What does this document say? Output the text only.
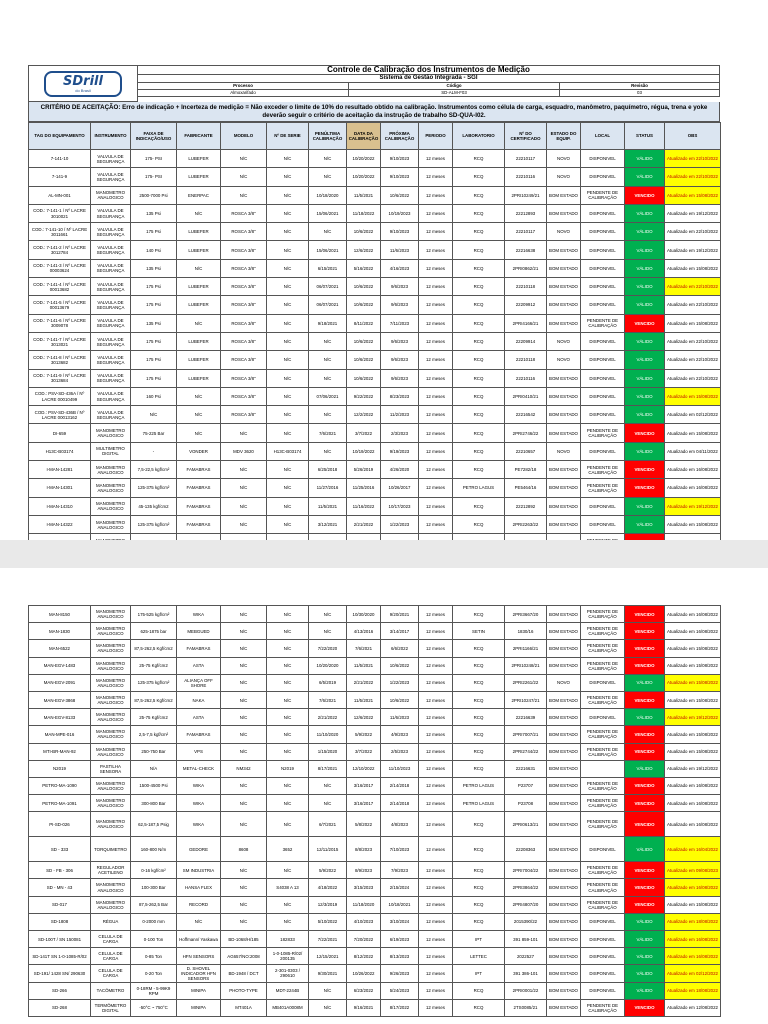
SDrill
do Brasil
Controle de Calibração dos Instrumentos de Medição
Sistema de Gestão Integrada - SGI
Processo	Código	Revisão
Almoxarifado	SD-ALM-F03	03
CRITÉRIO DE ACEITAÇÃO: Erro de indicação + Incerteza de medição = Não exceder o limite de 10% do resultado obtido na calibração. Instrumentos como célula de carga, esquadro, manômetro, paquímetro, régua, trena e yoke deverão seguir o critério de aceitação da instrução de trabalho SD-QUA-I02.
TAG DO EQUIPAMENTO	INSTRUMENTO	FAIXA DE INDICAÇÃO/USO	FABRICANTE	MODELO	Nº DE SERIE	PENÚLTIMA CALIBRAÇÃO	DATA DA CALIBRAÇÃO	PRÓXIMA CALIBRAÇÃO	PERIODO	LABORATORIO	Nº DO CERTIFICADO	ESTADO DO EQUIP.	LOCAL	STATUS	OBS
7-141-10	VALVULA DE SEGURANÇA	175- PSI	LUBEFER	N/C	N/C	N/C	10/20/2022	9/10/2023	12 meses	RCQ	22210117	NOVO	DISPONIVEL	VÁLIDO	Atualizado em 22/10/2022
7-141-9	VALVULA DE SEGURANÇA	175- PSI	LUBEFER	N/C	N/C	N/C	10/20/2022	9/10/2023	12 meses	RCQ	22210116	NOVO	DISPONIVEL	VÁLIDO	Atualizado em 22/10/2022
AL-MN-001	MANOMETRO ANALOGICO	2500-7000 Psi	ENERPAC	N/C	N/C	10/18/2020	11/5/2021	10/6/2022	12 meses	RCQ	2PRI10249/21	BOM ESTADO	PENDENTE DE CALIBRAÇÃO	VENCIDO	Atualizado em 15/08/2022
COD.: 7-141-1 / Nº LACRE 3010021	VALVULA DE SEGURANÇA	135 Psi	N/C	ROSCA 3/8"	N/C	15/06/2021	11/18/2022	10/19/2023	12 meses	RCQ	22212893	BOM ESTADO	DISPONIVEL	VÁLIDO	Atualizado em 19/12/2022
COD.: 7-141-10 / Nº LACRE 3011661	VALVULA DE SEGURANÇA	175 Psi	LUBEFER	ROSCA 3/8"	N/C	N/C	10/6/2022	9/10/2023	12 meses	RCQ	22210117	NOVO	DISPONIVEL	VÁLIDO	Atualizado em 22/10/2022
COD.: 7-141-2 / Nº LACRE 3012784	VALVULA DE SEGURANÇA	140 Psi	LUBEFER	ROSCA 3/8"	N/C	15/06/2021	12/6/2022	11/6/2023	12 meses	RCQ	22216638	BOM ESTADO	DISPONIVEL	VÁLIDO	Atualizado em 19/12/2022
COD.: 7-141-3 / Nº LACRE 00003624	VALVULA DE SEGURANÇA	135 Psi	N/C	ROSCA 3/8"	N/C	6/15/2021	5/16/2022	4/16/2023	12 meses	RCQ	2PRI0862/21	BOM ESTADO	DISPONIVEL	VÁLIDO	Atualizado em 15/08/2022
COD.: 7-141-4 / Nº LACRE 00013682	VALVULA DE SEGURANÇA	175 Psi	LUBEFER	ROSCA 3/8"	N/C	06/07/2021	10/6/2022	9/6/2023	12 meses	RCQ	22210118	BOM ESTADO	DISPONIVEL	VÁLIDO	Atualizado em 22/10/2022
COD.: 7-141-5 / Nº LACRE 00013679	VALVULA DE SEGURANÇA	175 Psi	LUBEFER	ROSCA 3/8"	N/C	06/07/2021	10/6/2022	9/6/2023	12 meses	RCQ	22209912	BOM ESTADO	DISPONIVEL	VÁLIDO	Atualizado em 22/10/2022
COD.: 7-141-6 / Nº LACRE 3009078	VALVULA DE SEGURANÇA	135 Psi	N/C	ROSCA 3/8"	N/C	9/18/2021	8/11/2022	7/11/2023	12 meses	RCQ	2PRI4166/21	BOM ESTADO	PENDENTE DE CALIBRAÇÃO	VENCIDO	Atualizado em 15/08/2022
COD.: 7-141-7 / Nº LACRE 3013021	VALVULA DE SEGURANÇA	175 Psi	LUBEFER	ROSCA 3/8"	N/C	N/C	10/6/2022	9/6/2023	12 meses	RCQ	22209914	NOVO	DISPONIVEL	VÁLIDO	Atualizado em 22/10/2022
COD.: 7-141-8 / Nº LACRE 3013682	VALVULA DE SEGURANÇA	175 Psi	LUBEFER	ROSCA 3/8"	N/C	N/C	10/6/2022	9/6/2023	12 meses	RCQ	22210118	NOVO	DISPONIVEL	VÁLIDO	Atualizado em 22/10/2022
COD.: 7-141-9 / Nº LACRE 3013684	VALVULA DE SEGURANÇA	175 Psi	LUBEFER	ROSCA 3/8"	N/C	N/C	10/6/2022	9/6/2023	12 meses	RCQ	22210116	BOM ESTADO	DISPONIVEL	VÁLIDO	Atualizado em 22/10/2022
COD.: PSV-SD-436A / Nº LACRE 00010499	VALVULA DE SEGURANÇA	160 Psi	N/C	ROSCA 3/8"	N/C	07/06/2021	9/22/2022	8/23/2023	12 meses	RCQ	2PRI0410/21	BOM ESTADO	DISPONIVEL	VÁLIDO	Atualizado em 15/08/2022
COD.: PSV-SD-436B / Nº LACRE 00013162	VALVULA DE SEGURANÇA	N/C	N/C	ROSCA 3/8"	N/C	N/C	12/2/2022	11/2/2023	12 meses	RCQ	22216542	BOM ESTADO	DISPONIVEL	VÁLIDO	Atualizado em 02/12/2022
DI-659	MANOMETRO ANALOGICO	75-225 Bar	N/C	N/C	N/C	7/6/2021	3/7/2022	2/3/2023	12 meses	RCQ	2PRI2746/22	BOM ESTADO	PENDENTE DE CALIBRAÇÃO	VENCIDO	Atualizado em 15/08/2022
H13C-B03174	MULTIMETRO DIGITAL	-	VONDER	MDV 3620	H13C-B03174	N/C	10/19/2022	9/19/2023	12 meses	RCQ	22210657	NOVO	DISPONIVEL	VÁLIDO	Atualizado em 04/11/2022
I-MAN-14281	MANOMETRO ANALOGICO	7,5-22,5 kgf/cm²	FAMABRAS	N/C	N/C	6/25/2018	5/26/2019	4/26/2020	12 meses	RCQ	PE7282/18	BOM ESTADO	PENDENTE DE CALIBRAÇÃO	VENCIDO	Atualizado em 16/08/2022
I-MAN-14301	MANOMETRO ANALOGICO	125-375 kgf/cm²	FAMABRAS	N/C	N/C	11/27/2016	11/25/2016	10/26/2017	12 meses	PETRO LAGUS	PE5464/16	BOM ESTADO	PENDENTE DE CALIBRAÇÃO	VENCIDO	Atualizado em 16/08/2022
I-MAN-14310	MANOMETRO ANALOGICO	45-135 kgf/cm2	FAMABRAS	N/C	N/C	11/5/2021	11/16/2022	10/17/2023	12 meses	RCQ	22212892	BOM ESTADO	DISPONIVEL	VÁLIDO	Atualizado em 19/12/2022
I-MAN-14322	MANOMETRO ANALOGICO	125-375 kgf/cm²	FAMABRAS	N/C	N/C	3/12/2021	2/21/2022	1/22/2023	12 meses	RCQ	2PRI2263/22	BOM ESTADO	DISPONIVEL	VÁLIDO	Atualizado em 15/08/2022

MAN-8150	MANOMETRO ANALOGICO	175-525 kgf/cm²	WIKA	N/C	N/C	N/C	10/30/2020	9/20/2021	12 meses	RCQ	2PRI3667/20	BOM ESTADO	PENDENTE DE CALIBRAÇÃO	VENCIDO	Atualizado em 16/08/2022
MAN-1830	MANOMETRO ANALOGICO	625-1875 bar	MEBGUED	N/C	N/C	N/C	4/13/2016	3/14/2017	12 meses	SETIN	1830/16	BOM ESTADO	PENDENTE DE CALIBRAÇÃO	VENCIDO	Atualizado em 16/08/2022
MAN-6522	MANOMETRO ANALOGICO	87,5-262,5 Kgf/cm2	FAMABRAS	N/C	N/C	7/22/2020	7/6/2021	6/6/2022	12 meses	RCQ	2PRI1166/21	BOM ESTADO	PENDENTE DE CALIBRAÇÃO	VENCIDO	Atualizado em 15/08/2022
MAN-EGV-1483	MANOMETRO ANALOGICO	25-75 Kgf/cm2	ASTA	N/C	N/C	10/20/2020	11/5/2021	10/6/2022	12 meses	RCQ	2PRI10248/21	BOM ESTADO	PENDENTE DE CALIBRAÇÃO	VENCIDO	Atualizado em 15/08/2022
MAN-EGV-2091	MANOMETRO ANALOGICO	125-375 kgf/cm²	ALIANÇA OFF SHORE	N/C	N/C	6/5/2019	2/21/2022	1/22/2023	12 meses	RCQ	2PRI2261/22	NOVO	DISPONIVEL	VÁLIDO	Atualizado em 15/08/2022
MAN-EGV-3868	MANOMETRO ANALOGICO	87,5-262,5 Kgf/cm2	NAKA	N/C	N/C	7/6/2021	11/5/2021	10/6/2022	12 meses	RCQ	2PRI10247/21	BOM ESTADO	PENDENTE DE CALIBRAÇÃO	VENCIDO	Atualizado em 15/08/2022
MAN-EGV-8133	MANOMETRO ANALOGICO	25-75 Kgf/cm2	ASTA	N/C	N/C	2/21/2022	12/6/2022	11/6/2023	12 meses	RCQ	22216639	BOM ESTADO	DISPONIVEL	VÁLIDO	Atualizado em 19/12/2022
MAN-MPE-016	MANOMETRO ANALOGICO	2,5-7,5 kgf/cm²	FAMABRAS	N/C	N/C	11/10/2020	5/9/2022	4/9/2023	12 meses	RCQ	2PRI7007/21	BOM ESTADO	PENDENTE DE CALIBRAÇÃO	VENCIDO	Atualizado em 15/08/2022
MTI-BR-MAN-92	MANOMETRO ANALOGICO	250-750 Bar	VPS	N/C	N/C	1/15/2020	3/7/2022	2/5/2023	12 meses	RCQ	2PRI2744/22	BOM ESTADO	PENDENTE DE CALIBRAÇÃO	VENCIDO	Atualizado em 15/08/2022
N2019	PASTILHA SENSORA	N/A	METAL-CHECK	NM342	N2019	8/17/2021	12/10/2022	11/10/2023	12 meses	RCQ	22216631	BOM ESTADO		VÁLIDO	Atualizado em 19/12/2022
PETRO-MA-1090	MANOMETRO ANALOGICO	1500-4500 Psi	WIKA	N/C	N/C	N/C	3/16/2017	2/14/2018	12 meses	PETRO LAGUS	P23707	BOM ESTADO	PENDENTE DE CALIBRAÇÃO	VENCIDO	Atualizado em 16/08/2022
PETRO-MA-1091	MANOMETRO ANALOGICO	300-800 Bar	WIKA	N/C	N/C	N/C	3/16/2017	2/14/2018	12 meses	PETRO LAGUS	P23708	BOM ESTADO	PENDENTE DE CALIBRAÇÃO	VENCIDO	Atualizado em 16/08/2022
PI-SD-026	MANOMETRO ANALOGICO	62,5-187,5 Psig	WIKA	N/C	N/C	6/7/2021	5/8/2022	4/8/2023	12 meses	RCQ	2PRI0613/21	BOM ESTADO	PENDENTE DE CALIBRAÇÃO	VENCIDO	Atualizado em 16/08/2022
SD - 333	TORQUIMETRO	160-800 N/m	GEDORE	8608	3652	12/11/2015	8/8/2023	7/10/2023	12 meses	RCQ	22208363	BOM ESTADO	DISPONIVEL	VÁLIDO	Atualizado em 16/04/2022
SD - FB - 306	REGULADOR ACETILENO	0-16 kgf/cm²	SM INDUSTRIA	N/C	N/C	5/9/2022	8/9/2023	7/9/2023	12 meses	RCQ	2PRI7004/22	BOM ESTADO	PENDENTE DE CALIBRAÇÃO	VENCIDO	Atualizado em 09/08/2023
SD - MN - 43	MANOMETRO ANALOGICO	100-300 Bar	HANSA FLEX	N/C	S4038 A 13	4/18/2022	3/15/2023	2/15/2024	12 meses	RCQ	2PRI3864/22	BOM ESTADO	PENDENTE DE CALIBRAÇÃO	VENCIDO	Atualizado em 16/08/2022
SD-017	MANOMETRO ANALOGICO	87,5-262,5 Bar	RECORD	N/C	N/C	12/3/2019	11/18/2020	10/18/2021	12 meses	RCQ	2PRI4807/20	BOM ESTADO	PENDENTE DE CALIBRAÇÃO	VENCIDO	Atualizado em 15/08/2022
SD-1808	RÉGUA	0-2000 mm	N/C	N/C	N/C	5/10/2022	4/10/2023	3/10/2024	12 meses	RCQ	2015390/22	BOM ESTADO	DISPONIVEL	VÁLIDO	Atualizado em 18/08/2022
SD-100T / SN 150081	CELULA DE CARGA	0-100 Ton	Hoffmann/ Yaskawa	BD-1068/H/185	182833	7/22/2021	7/20/2022	6/19/2023	12 meses	IPT	391 859-101	BOM ESTADO	DISPONIVEL	VÁLIDO	Atualizado em 16/08/2022
SD-141T SN 1-0-1085-R/02	CELULA DE CARGA	0-85 Ton	HFN SENSORS	AG657/NO:2008	1-0-1085-R/02/ 200135	12/15/2021	8/12/2022	8/13/2023	12 meses	LETTEC	2022527	BOM ESTADO	DISPONIVEL	VÁLIDO	Atualizado em 16/08/2022
SD-191/ 1428 SN/ 290630	CELULA DE CARGA	0-20 Ton	D. SHOVEL INDICADOR HFN SENSORS	BD-1948 / DCT	2-301-0303 / 290610	9/30/2021	10/26/2022	9/26/2023	12 meses	IPT	391 386-101	BOM ESTADO	DISPONIVEL	VÁLIDO	Atualizado em 02/12/2022
SD-266	TACÔMETRO	0-18RM - 5-99K9 RPM	MINIPA	PHOTO-TYPE	MDT-2244B	N/C	6/23/2022	5/24/2023	12 meses	RCQ	2PRI0001/22	BOM ESTADO	DISPONIVEL	VÁLIDO	Atualizado em 18/08/2022
SD-268	TERMÔMETRO DIGITAL	-50°C ~ 750°C	MINIPA	MT401A	MB401A0008M	N/C	9/16/2021	8/17/2022	12 meses	RCQ	2TS0085/21	BOM ESTADO	PENDENTE DE CALIBRAÇÃO	VENCIDO	Atualizado em 12/08/2022
